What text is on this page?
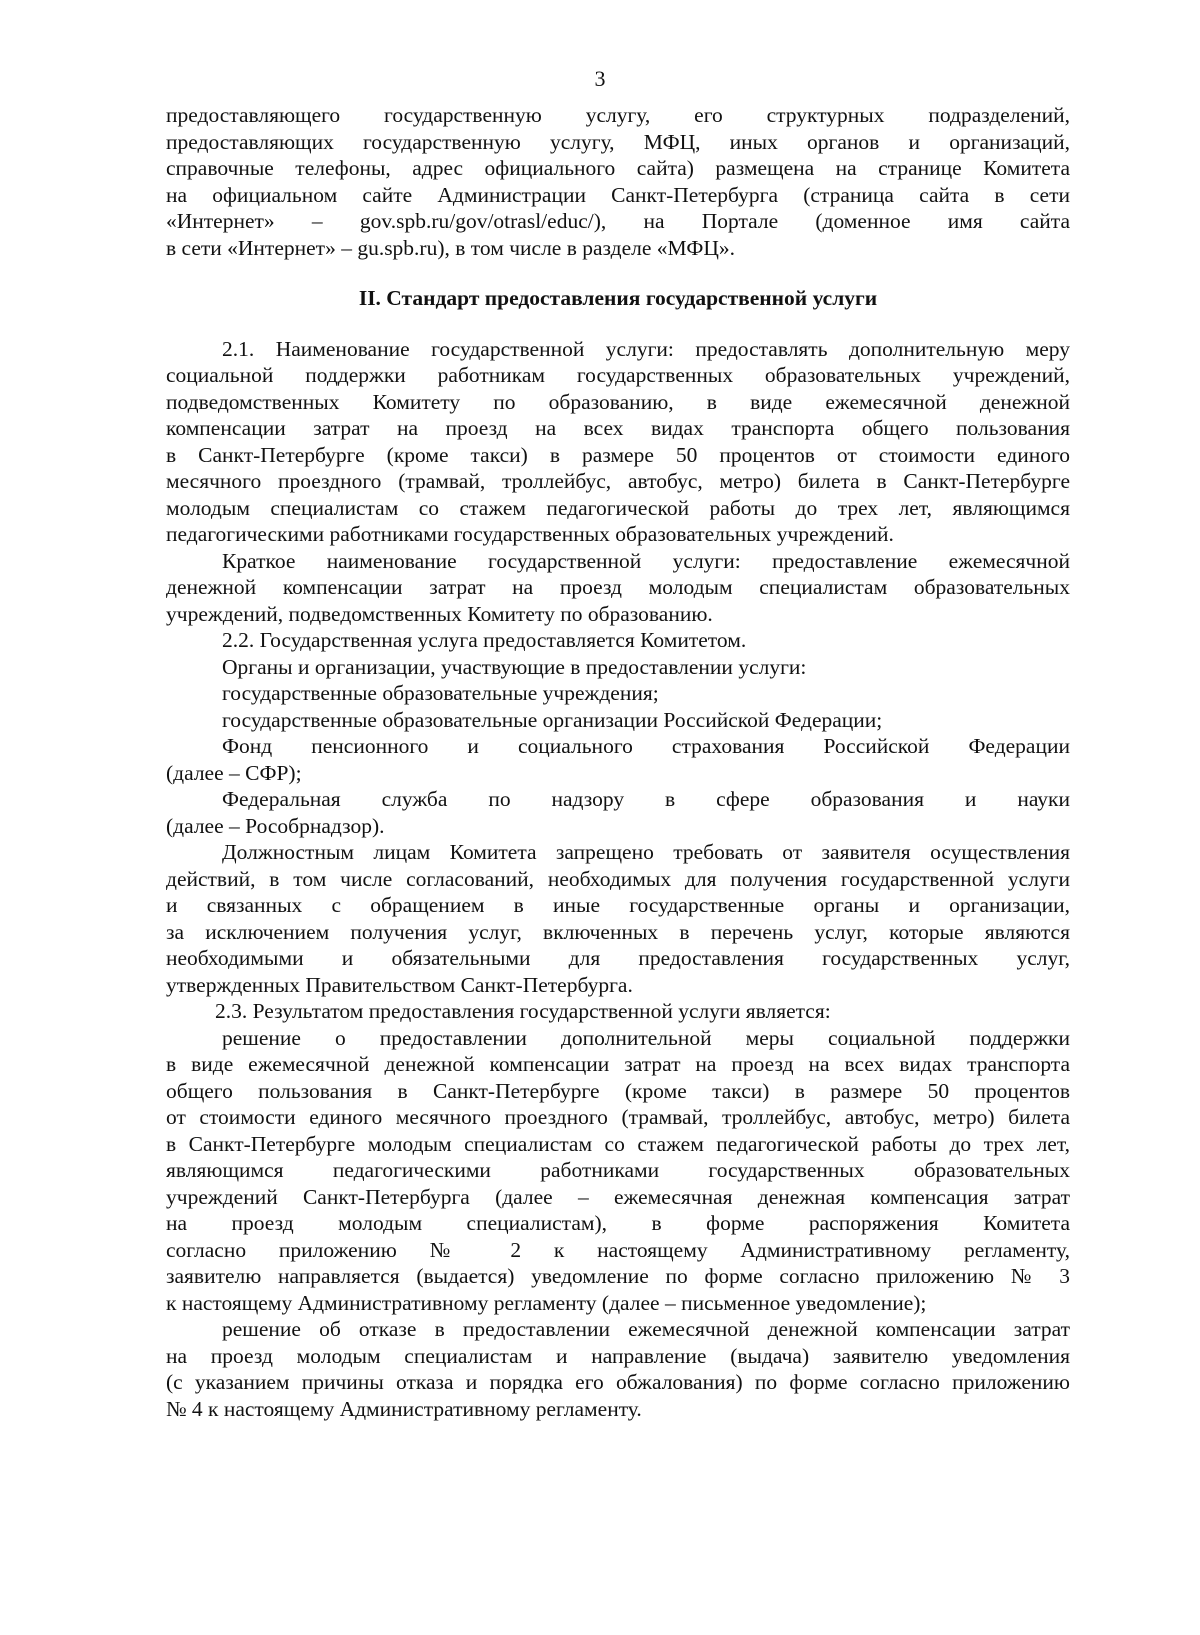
3
предоставляющего государственную услугу, его структурных подразделений,
предоставляющих государственную услугу, МФЦ, иных органов и организаций,
справочные телефоны, адрес официального сайта) размещена на странице Комитета
на официальном сайте Администрации Санкт-Петербурга (страница сайта в сети
«Интернет» – gov.spb.ru/gov/otrasl/educ/), на Портале (доменное имя сайта
в сети «Интернет» – gu.spb.ru), в том числе в разделе «МФЦ».
II. Стандарт предоставления государственной услуги
2.1. Наименование государственной услуги: предоставлять дополнительную меру
социальной поддержки работникам государственных образовательных учреждений,
подведомственных Комитету по образованию, в виде ежемесячной денежной
компенсации затрат на проезд на всех видах транспорта общего пользования
в Санкт-Петербурге (кроме такси) в размере 50 процентов от стоимости единого
месячного проездного (трамвай, троллейбус, автобус, метро) билета в Санкт-Петербурге
молодым специалистам со стажем педагогической работы до трех лет, являющимся
педагогическими работниками государственных образовательных учреждений.
Краткое наименование государственной услуги: предоставление ежемесячной
денежной компенсации затрат на проезд молодым специалистам образовательных
учреждений, подведомственных Комитету по образованию.
2.2. Государственная услуга предоставляется Комитетом.
Органы и организации, участвующие в предоставлении услуги:
государственные образовательные учреждения;
государственные образовательные организации Российской Федерации;
Фонд пенсионного и социального страхования Российской Федерации
(далее – СФР);
Федеральная служба по надзору в сфере образования и науки
(далее – Рособрнадзор).
Должностным лицам Комитета запрещено требовать от заявителя осуществления
действий, в том числе согласований, необходимых для получения государственной услуги
и связанных с обращением в иные государственные органы и организации,
за исключением получения услуг, включенных в перечень услуг, которые являются
необходимыми и обязательными для предоставления государственных услуг,
утвержденных Правительством Санкт-Петербурга.
2.3. Результатом предоставления государственной услуги является:
решение о предоставлении дополнительной меры социальной поддержки
в виде ежемесячной денежной компенсации затрат на проезд на всех видах транспорта
общего пользования в Санкт-Петербурге (кроме такси) в размере 50 процентов
от стоимости единого месячного проездного (трамвай, троллейбус, автобус, метро) билета
в Санкт-Петербурге молодым специалистам со стажем педагогической работы до трех лет,
являющимся педагогическими работниками государственных образовательных
учреждений Санкт-Петербурга (далее – ежемесячная денежная компенсация затрат
на проезд молодым специалистам), в форме распоряжения Комитета
согласно приложению № 2 к настоящему Административному регламенту,
заявителю направляется (выдается) уведомление по форме согласно приложению № 3
к настоящему Административному регламенту (далее – письменное уведомление);
решение об отказе в предоставлении ежемесячной денежной компенсации затрат
на проезд молодым специалистам и направление (выдача) заявителю уведомления
(с указанием причины отказа и порядка его обжалования) по форме согласно приложению
№ 4 к настоящему Административному регламенту.
